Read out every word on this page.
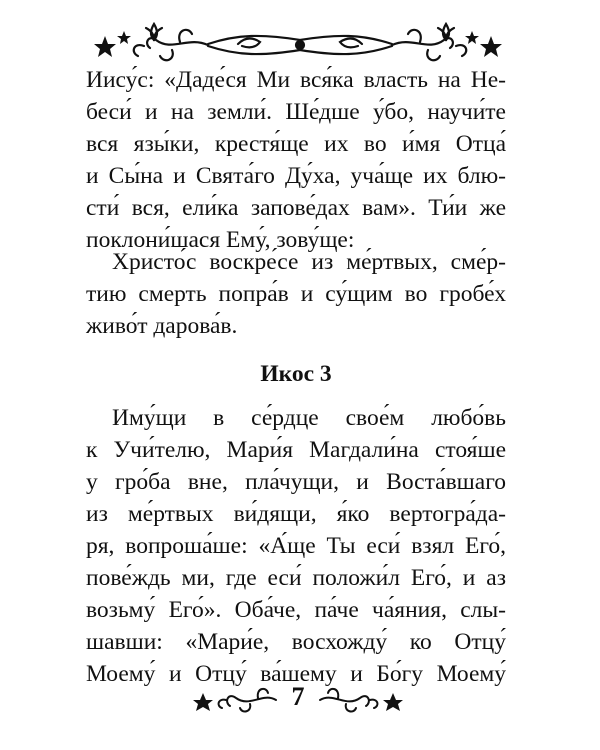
Иису́с: «Даде́ся Ми вся́ка власть на Не-
беси́ и на земли́. Ше́дше у́бо, научи́те
вся язы́ки, крестя́ще их во и́мя Отца́
и Сы́на и Свята́го Ду́ха, уча́ще их блю-
сти́ вся, ели́ка запове́дах вам». Ти́и же
поклони́шася Ему́, зову́ще:
Христо́с воскре́се из ме́ртвых, сме́р-
тию смерть попра́в и су́щим во гробе́х
живо́т дарова́в.
Икос 3
Иму́щи в се́рдце свое́м любо́вь
к Учи́телю, Мари́я Магдали́на стоя́ше
у гро́ба вне, пла́чущи, и Воста́вшаго
из ме́ртвых ви́дящи, я́ко вертогра́да-
ря, вопроша́ше: «А́ще Ты еси́ взял Его́,
пове́ждь ми, где еси́ положи́л Его́, и аз
возьму́ Его́». Оба́че, па́че ча́яния, слы-
шавши: «Мари́е, восхожду́ ко Отцу́
Моему́ и Отцу́ ва́шему и Бо́гу Моему́
7
